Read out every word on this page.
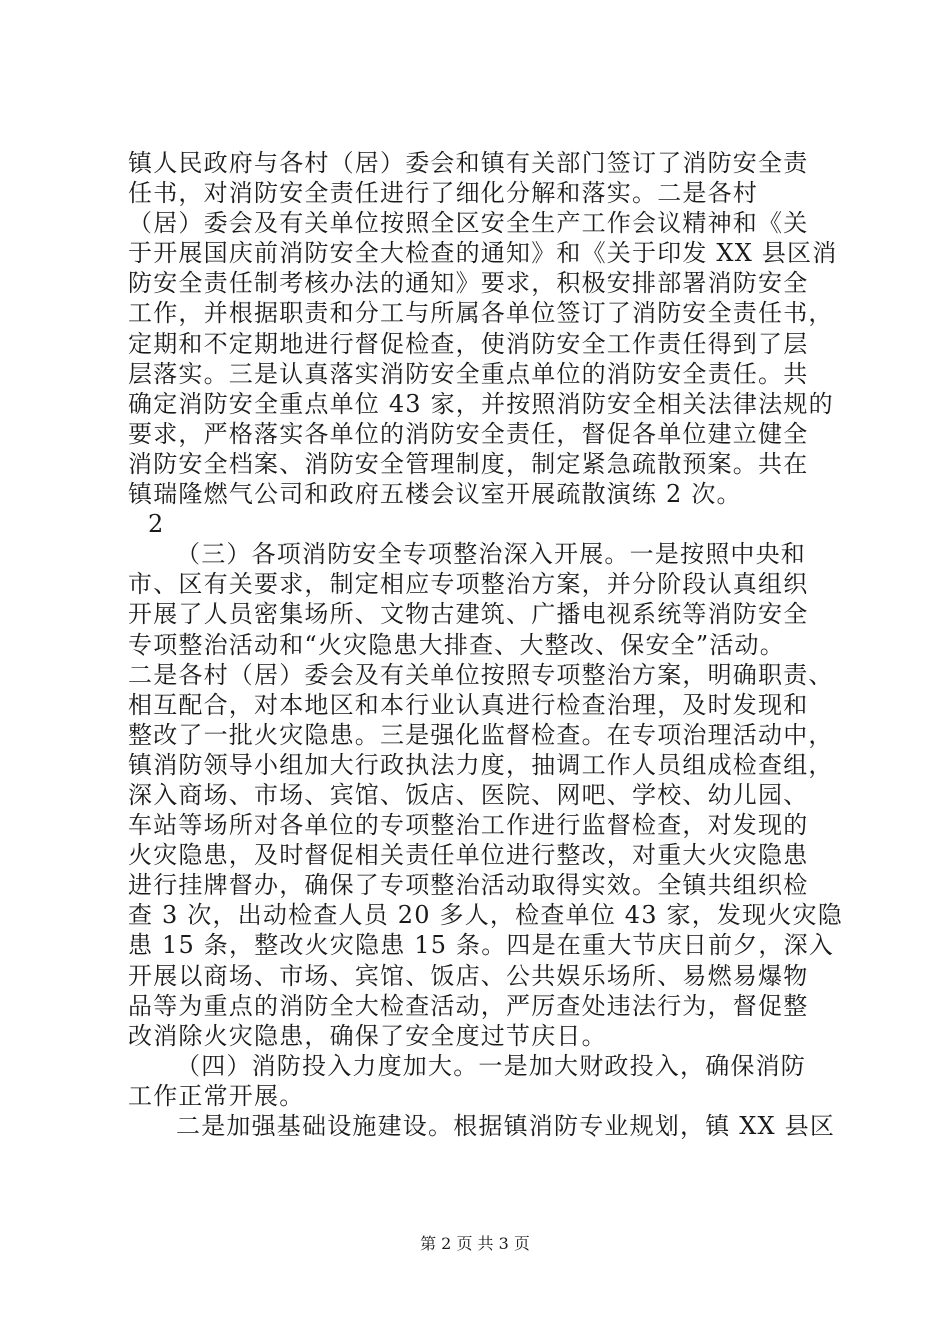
镇人民政府与各村（居）委会和镇有关部门签订了消防安全责
任书，对消防安全责任进行了细化分解和落实。二是各村
（居）委会及有关单位按照全区安全生产工作会议精神和《关
于开展国庆前消防安全大检查的通知》和《关于印发 XX 县区消
防安全责任制考核办法的通知》要求，积极安排部署消防安全
工作，并根据职责和分工与所属各单位签订了消防安全责任书，
定期和不定期地进行督促检查，使消防安全工作责任得到了层
层落实。三是认真落实消防安全重点单位的消防安全责任。共
确定消防安全重点单位 43 家，并按照消防安全相关法律法规的
要求，严格落实各单位的消防安全责任，督促各单位建立健全
消防安全档案、消防安全管理制度，制定紧急疏散预案。共在
镇瑞隆燃气公司和政府五楼会议室开展疏散演练 2 次。
2
（三）各项消防安全专项整治深入开展。一是按照中央和
市、区有关要求，制定相应专项整治方案，并分阶段认真组织
开展了人员密集场所、文物古建筑、广播电视系统等消防安全
专项整治活动和“火灾隐患大排查、大整改、保安全”活动。
二是各村（居）委会及有关单位按照专项整治方案，明确职责、
相互配合，对本地区和本行业认真进行检查治理，及时发现和
整改了一批火灾隐患。三是强化监督检查。在专项治理活动中，
镇消防领导小组加大行政执法力度，抽调工作人员组成检查组，
深入商场、市场、宾馆、饭店、医院、网吧、学校、幼儿园、
车站等场所对各单位的专项整治工作进行监督检查，对发现的
火灾隐患，及时督促相关责任单位进行整改，对重大火灾隐患
进行挂牌督办，确保了专项整治活动取得实效。全镇共组织检
查 3 次，出动检查人员 20 多人，检查单位 43 家，发现火灾隐
患 15 条，整改火灾隐患 15 条。四是在重大节庆日前夕，深入
开展以商场、市场、宾馆、饭店、公共娱乐场所、易燃易爆物
品等为重点的消防全大检查活动，严厉查处违法行为，督促整
改消除火灾隐患，确保了安全度过节庆日。
（四）消防投入力度加大。一是加大财政投入，确保消防
工作正常开展。
二是加强基础设施建设。根据镇消防专业规划，镇 XX 县区
第 2 页 共 3 页
